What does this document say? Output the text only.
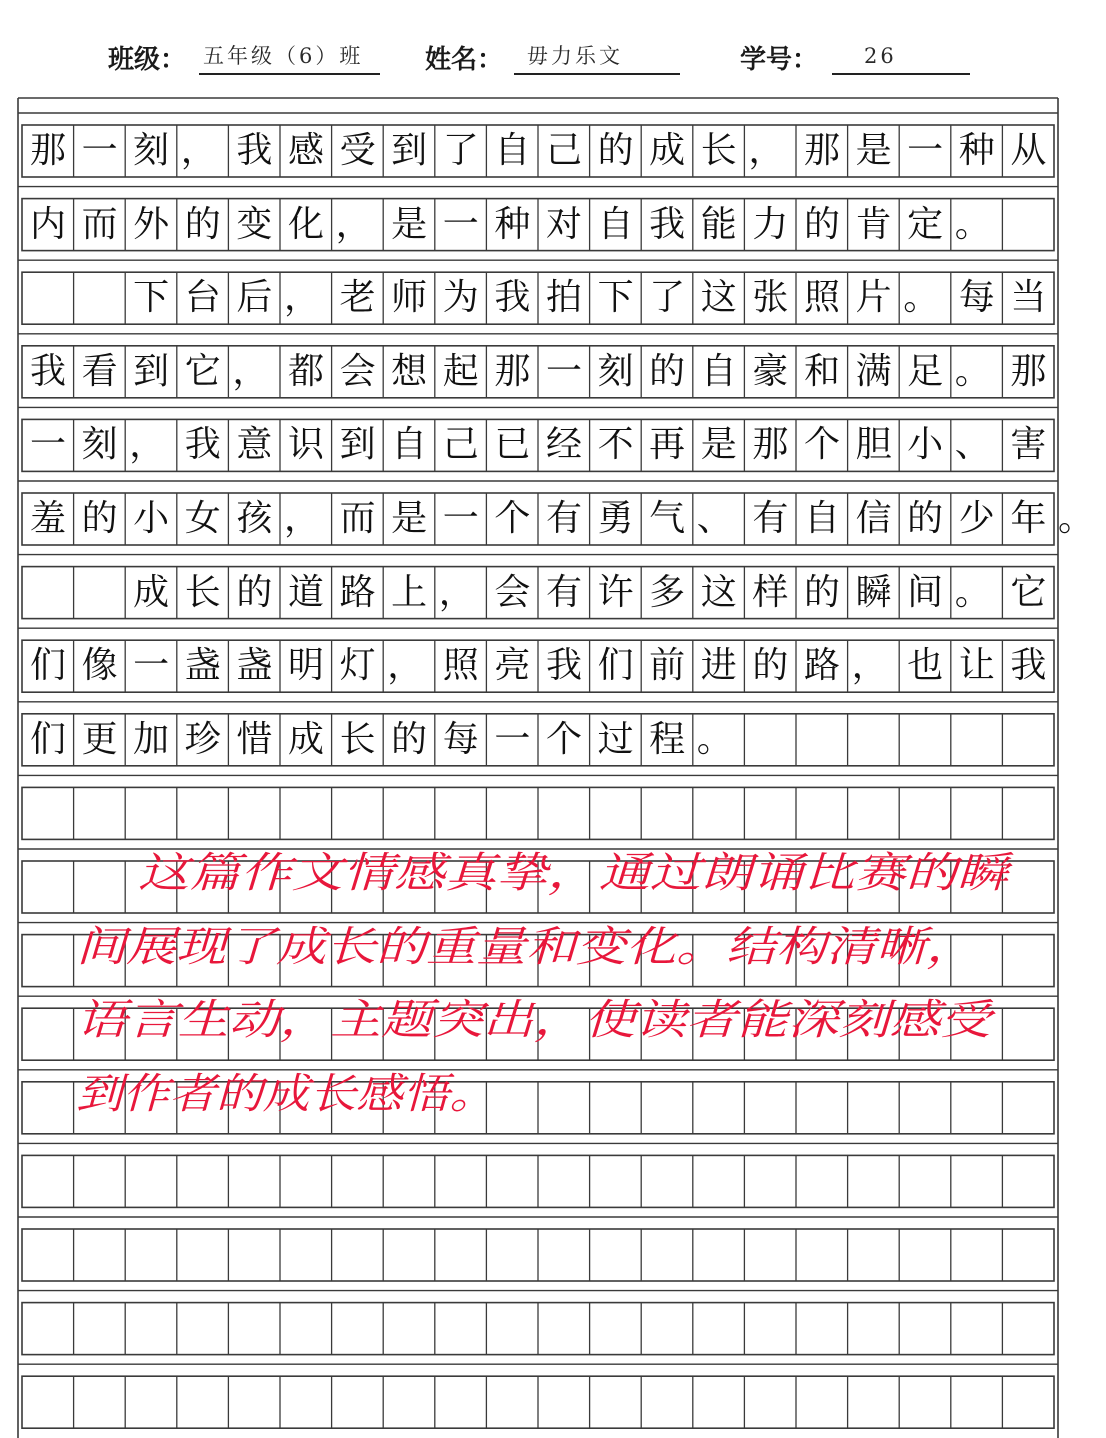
班级： 五年级（6）班 姓名： 毋力乐文	学号： 26
那 一 刻 ， 我 感 受 到 了 自 己 的 成 长 ， 那 是 一 种 从
内 而 外 的 变 化 ， 是 一 种 对 自 我 能 力 的 肯 定 。
下 台 后 ， 老 师 为 我 拍 下 了 这 张 照 片 。 每 当
我 看 到 它 ， 都 会 想 起 那 一 刻 的 自 豪 和 满 足 。 那
一 刻 ， 我 意 识 到 自 己 已 经 不 再 是 那 个 胆 小 、 害
羞 的 小 女 孩 ， 而 是 一 个 有 勇 气 、 有 自 信 的 少 年 。
成 长 的 道 路 上 ， 会 有 许 多 这 样 的 瞬 间 。 它
们 像 一 盏 盏 明 灯 ， 照 亮 我 们 前 进 的 路 ， 也 让 我
们 更 加 珍 惜 成 长 的 每 一 个 过 程 。
这篇作文情感真挚，通过朗诵比赛的瞬
间展现了成长的重量和变化。结构清晰，
语言生动，主题突出，使读者能深刻感受
到作者的成长感悟。
